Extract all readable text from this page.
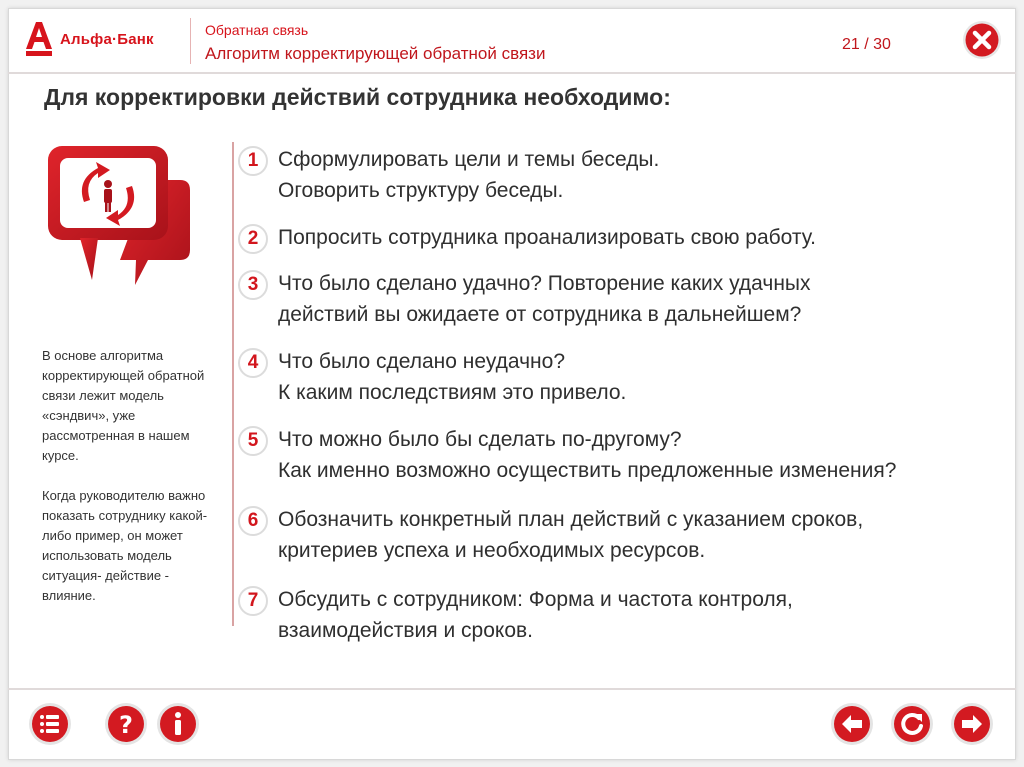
Альфа·Банк
Обратная связь
Алгоритм корректирующей обратной связи	21 / 30
Для корректировки действий сотрудника необходимо:

В основе алгоритма корректирующей обратной связи лежит модель «сэндвич», уже рассмотренная в нашем курсе.

Когда руководителю важно показать сотруднику какой-либо пример, он может использовать модель ситуация- действие - влияние.

1 Сформулировать цели и темы беседы.
Оговорить структуру беседы.
2 Попросить сотрудника проанализировать свою работу.
3 Что было сделано удачно? Повторение каких удачных
действий вы ожидаете от сотрудника в дальнейшем?
4 Что было сделано неудачно?
К каким последствиям это привело.
5 Что можно было бы сделать по-другому?
Как именно возможно осуществить предложенные изменения?
6 Обозначить конкретный план действий с указанием сроков,
критериев успеха и необходимых ресурсов.
7 Обсудить с сотрудником: Форма и частота контроля,
взаимодействия и сроков.
?
